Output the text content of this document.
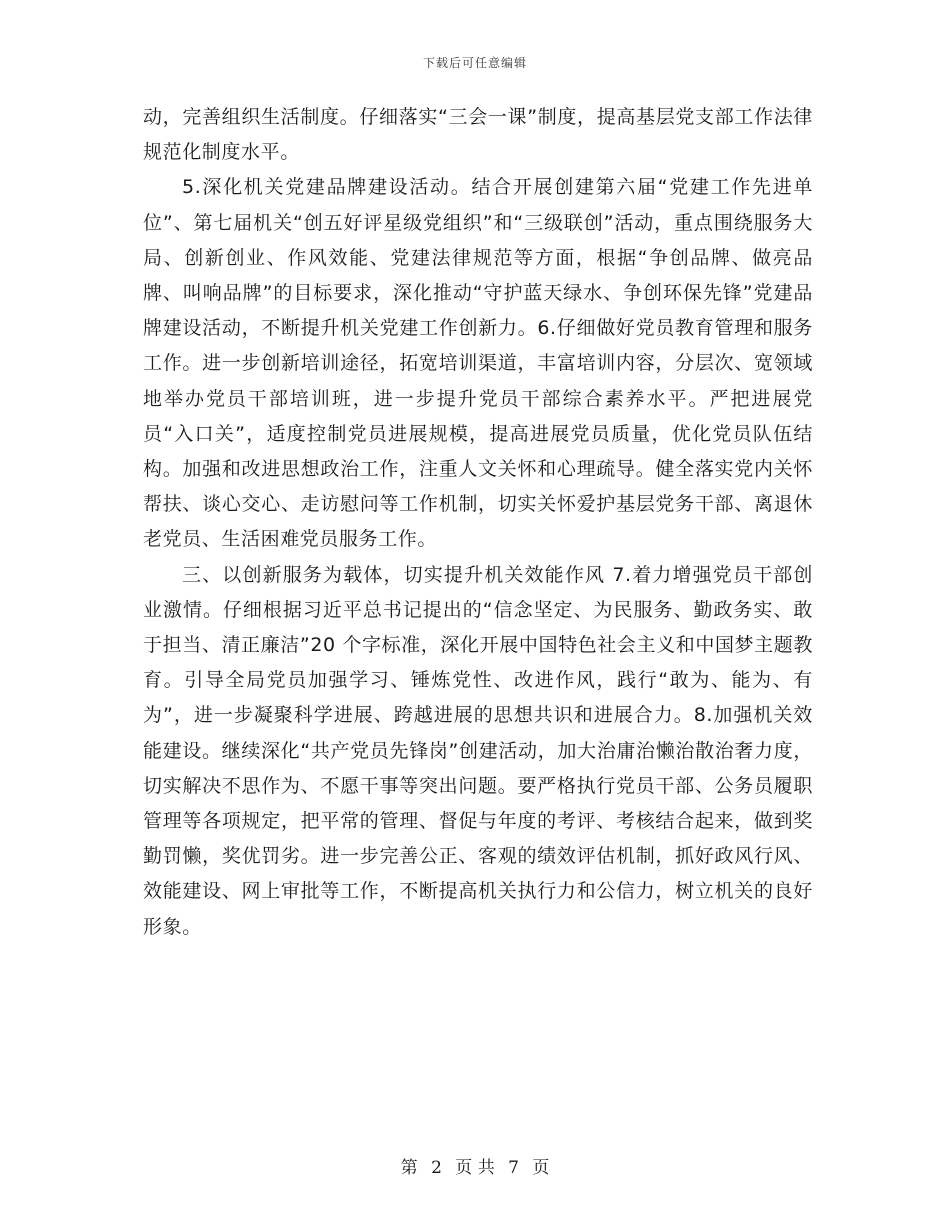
下载后可任意编辑

动，完善组织生活制度。仔细落实“三会一课”制度，提高基层党支部工作法律规范化制度水平。

5.深化机关党建品牌建设活动。结合开展创建第六届“党建工作先进单位”、第七届机关“创五好评星级党组织”和“三级联创”活动，重点围绕服务大局、创新创业、作风效能、党建法律规范等方面，根据“争创品牌、做亮品牌、叫响品牌”的目标要求，深化推动“守护蓝天绿水、争创环保先锋”党建品牌建设活动，不断提升机关党建工作创新力。6.仔细做好党员教育管理和服务工作。进一步创新培训途径，拓宽培训渠道，丰富培训内容，分层次、宽领域地举办党员干部培训班，进一步提升党员干部综合素养水平。严把进展党员“入口关”，适度控制党员进展规模，提高进展党员质量，优化党员队伍结构。加强和改进思想政治工作，注重人文关怀和心理疏导。健全落实党内关怀帮扶、谈心交心、走访慰问等工作机制，切实关怀爱护基层党务干部、离退休老党员、生活困难党员服务工作。

三、以创新服务为载体，切实提升机关效能作风 7.着力增强党员干部创业激情。仔细根据习近平总书记提出的“信念坚定、为民服务、勤政务实、敢于担当、清正廉洁”20 个字标准，深化开展中国特色社会主义和中国梦主题教育。引导全局党员加强学习、锤炼党性、改进作风，践行“敢为、能为、有为”，进一步凝聚科学进展、跨越进展的思想共识和进展合力。8.加强机关效能建设。继续深化“共产党员先锋岗”创建活动，加大治庸治懒治散治奢力度，切实解决不思作为、不愿干事等突出问题。要严格执行党员干部、公务员履职管理等各项规定，把平常的管理、督促与年度的考评、考核结合起来，做到奖勤罚懒，奖优罚劣。进一步完善公正、客观的绩效评估机制，抓好政风行风、效能建设、网上审批等工作，不断提高机关执行力和公信力，树立机关的良好形象。

第 2 页 共 7 页
